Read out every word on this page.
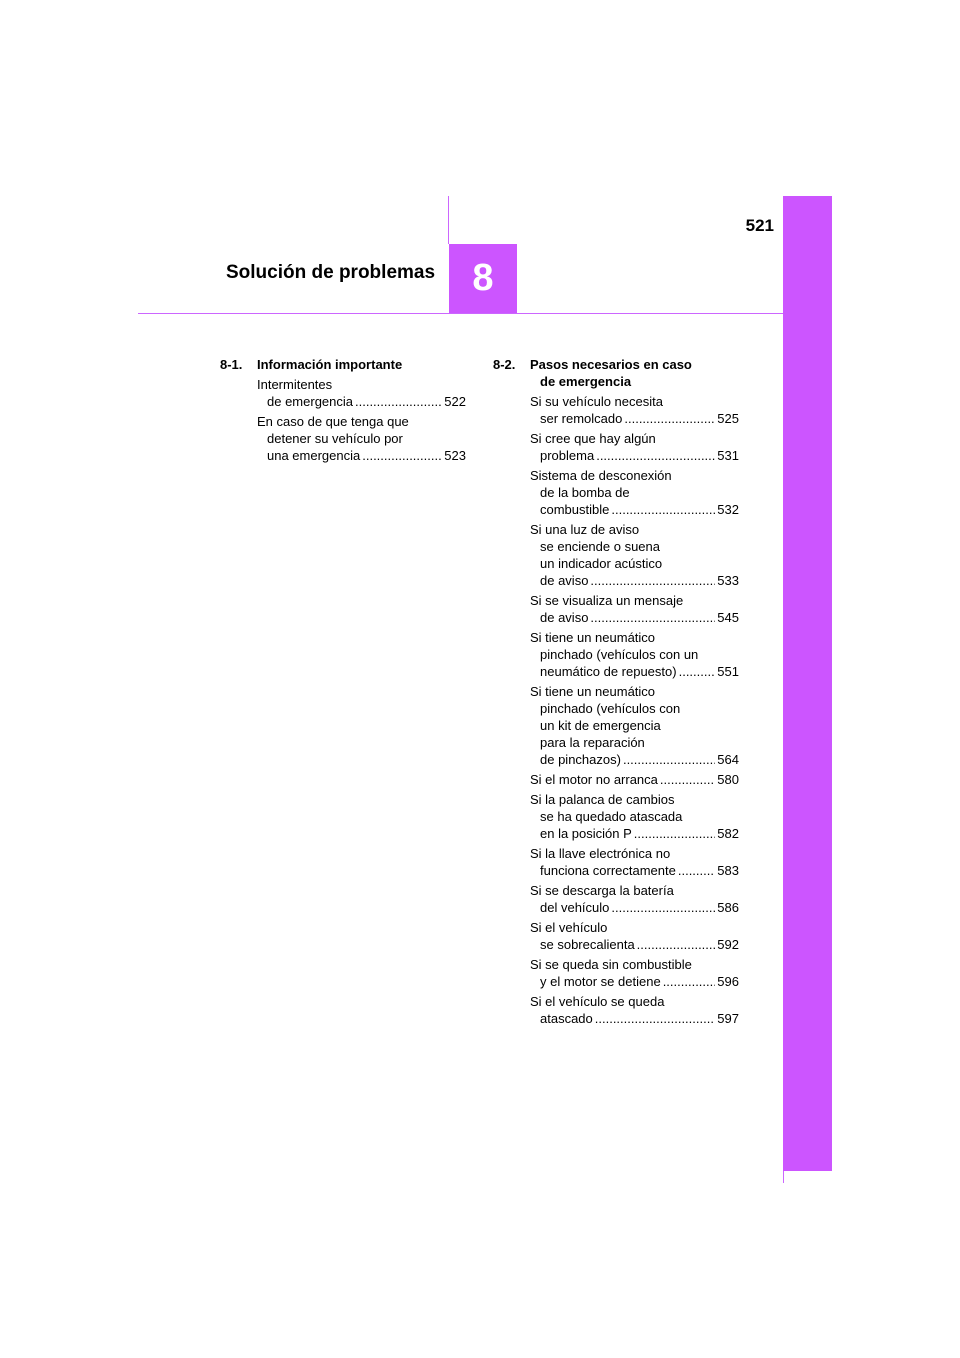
521
Solución de problemas 8
8-1. Información importante
Intermitentes
de emergencia .....	522
En caso de que tenga que
detener su vehículo por
una emergencia .....	523
8-2. Pasos necesarios en caso
de emergencia
Si su vehículo necesita
ser remolcado .....	525
Si cree que hay algún
problema .....	531
Sistema de desconexión
de la bomba de
combustible .....	532
Si una luz de aviso
se enciende o suena
un indicador acústico
de aviso .....	533
Si se visualiza un mensaje
de aviso .....	545
Si tiene un neumático
pinchado (vehículos con un
neumático de repuesto) .....	551
Si tiene un neumático
pinchado (vehículos con
un kit de emergencia
para la reparación
de pinchazos) .....	564
Si el motor no arranca .....	580
Si la palanca de cambios
se ha quedado atascada
en la posición P .....	582
Si la llave electrónica no
funciona correctamente .....	583
Si se descarga la batería
del vehículo .....	586
Si el vehículo
se sobrecalienta .....	592
Si se queda sin combustible
y el motor se detiene .....	596
Si el vehículo se queda
atascado .....	597
